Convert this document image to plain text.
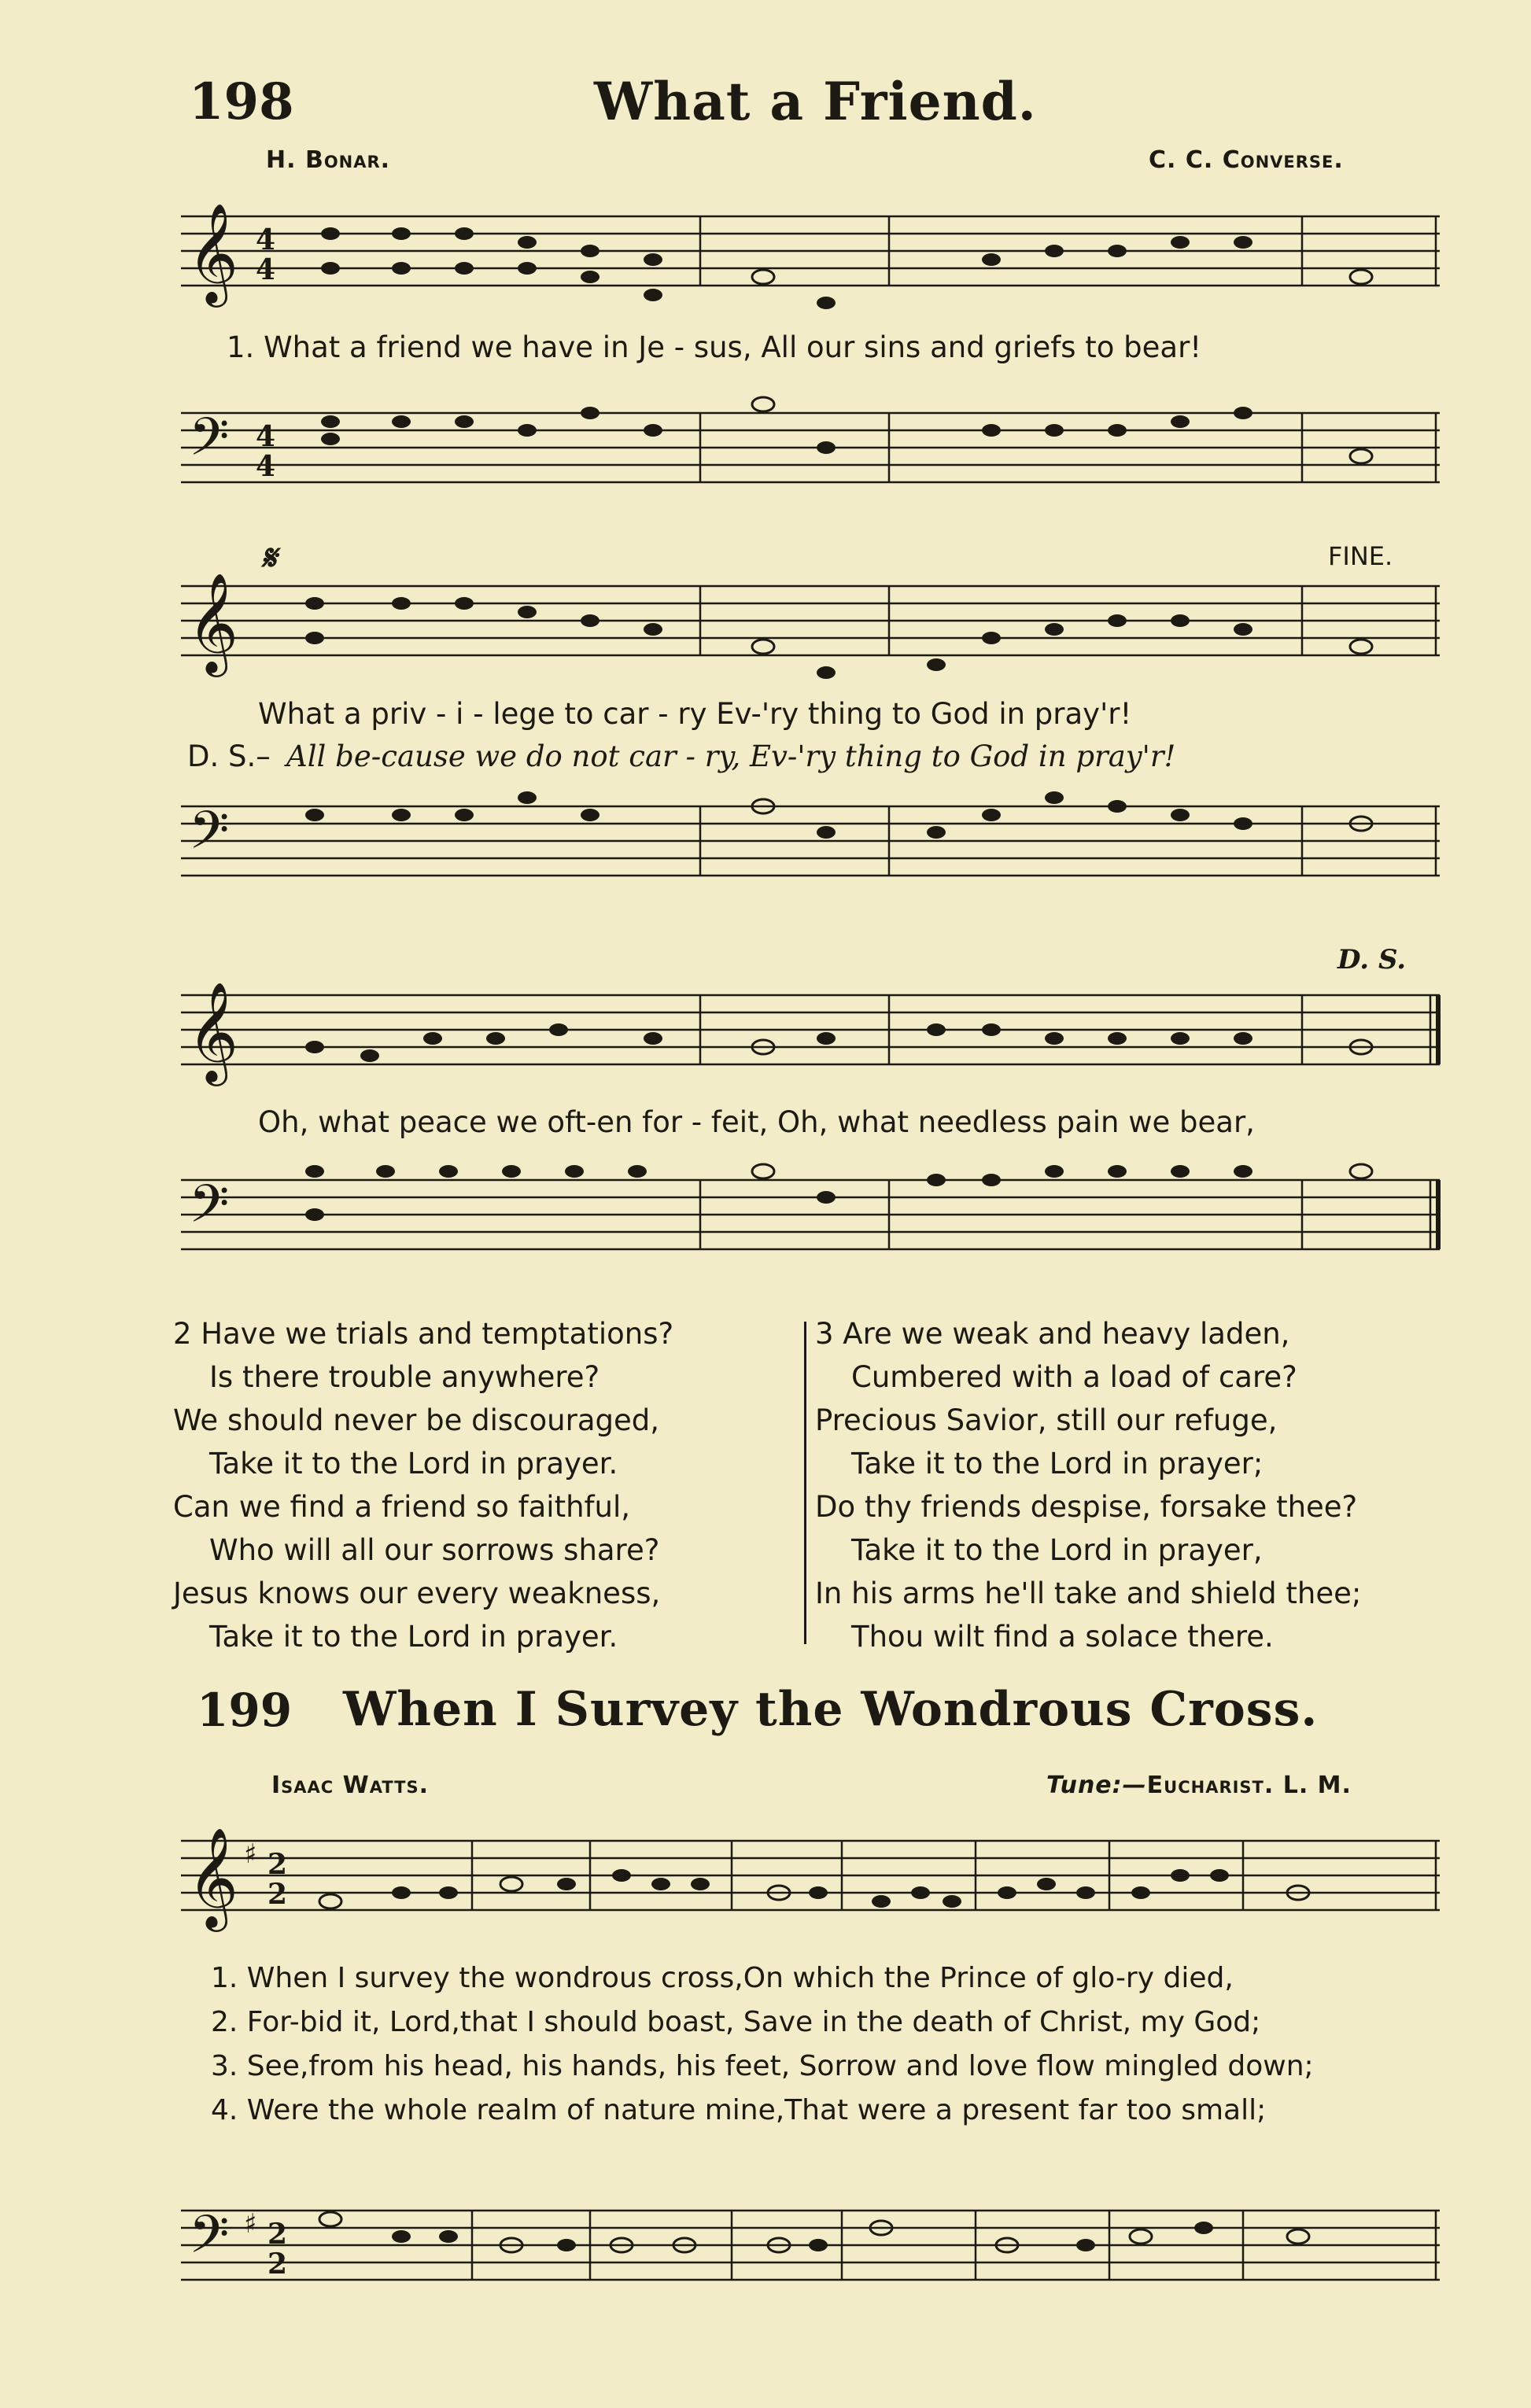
198	What a Friend.
H. Bonar.	C. C. Converse.
𝄞 4
4
𝄢 4
4
1. What a friend we have in Je - sus, All our sins and griefs to bear!
𝄋	FINE.
𝄞
What a priv - i - lege to car - ry Ev-'ry thing to God in pray'r!
D. S.– All be-cause we do not car - ry, Ev-'ry thing to God in pray'r!
𝄢
D. S.
𝄞
Oh, what peace we oft-en for - feit, Oh, what needless pain we bear,
𝄢
2 Have we trials and temptations?
Is there trouble anywhere?
We should never be discouraged,
Take it to the Lord in prayer.
Can we find a friend so faithful,
Who will all our sorrows share?
Jesus knows our every weakness,
Take it to the Lord in prayer.
3 Are we weak and heavy laden,
Cumbered with a load of care?
Precious Savior, still our refuge,
Take it to the Lord in prayer;
Do thy friends despise, forsake thee?
Take it to the Lord in prayer,
In his arms he'll take and shield thee;
Thou wilt find a solace there.
199 When I Survey the Wondrous Cross.
Isaac Watts.	Tune:—Eucharist. L. M.
𝄞 ♯ 2
2
1. When I survey the wondrous cross,On which the Prince of glo-ry died,
2. For-bid it, Lord,that I should boast, Save in the death of Christ, my God;
3. See,from his head, his hands, his feet, Sorrow and love flow mingled down;
4. Were the whole realm of nature mine,That were a present far too small;
𝄢 ♯ 2
2
